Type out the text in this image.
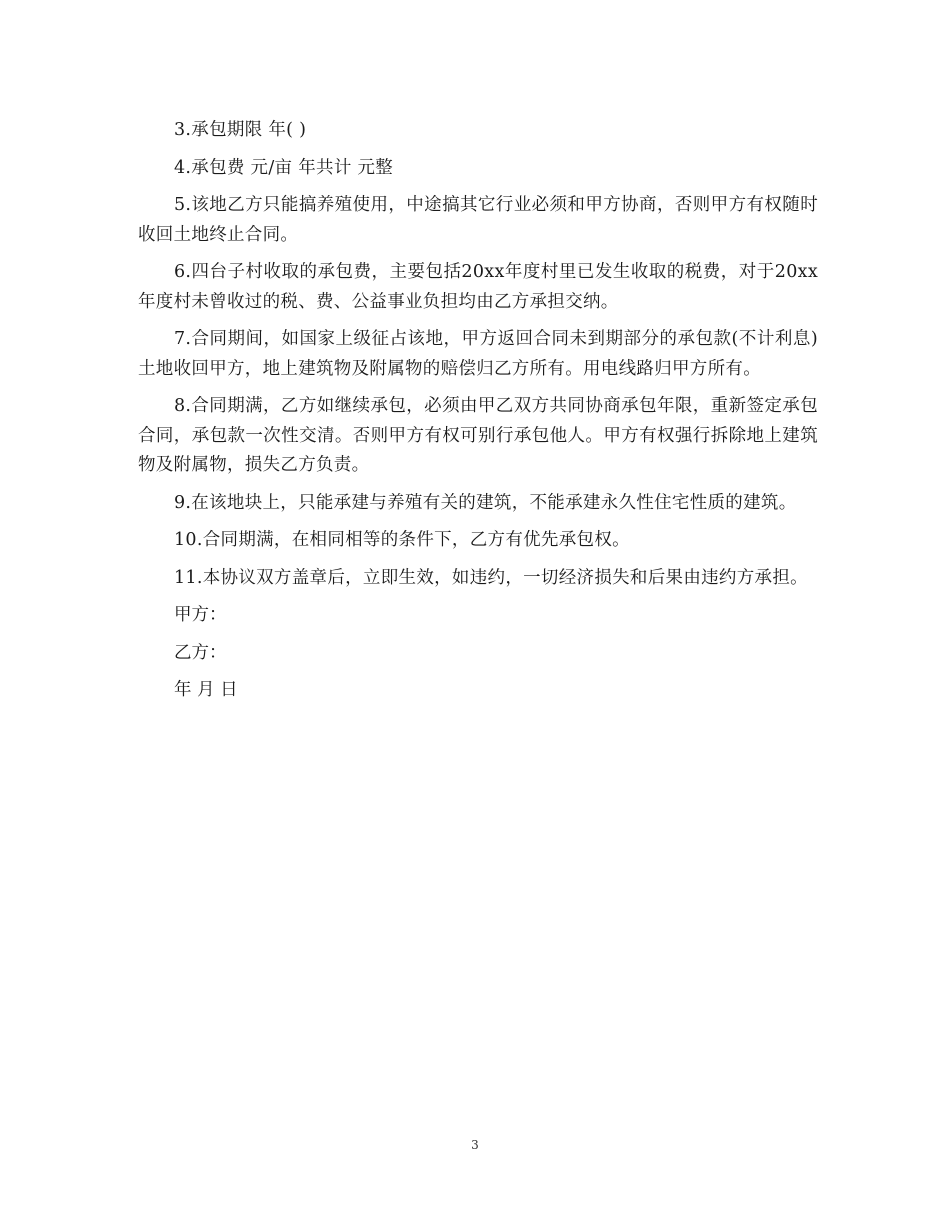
3.承包期限 年( )

4.承包费 元/亩 年共计 元整

5.该地乙方只能搞养殖使用，中途搞其它行业必须和甲方协商，否则甲方有权随时收回土地终止合同。

6.四台子村收取的承包费，主要包括20xx年度村里已发生收取的税费，对于20xx年度村未曾收过的税、费、公益事业负担均由乙方承担交纳。

7.合同期间，如国家上级征占该地，甲方返回合同未到期部分的承包款(不计利息)土地收回甲方，地上建筑物及附属物的赔偿归乙方所有。用电线路归甲方所有。

8.合同期满，乙方如继续承包，必须由甲乙双方共同协商承包年限，重新签定承包合同，承包款一次性交清。否则甲方有权可别行承包他人。甲方有权强行拆除地上建筑物及附属物，损失乙方负责。

9.在该地块上，只能承建与养殖有关的建筑，不能承建永久性住宅性质的建筑。

10.合同期满，在相同相等的条件下，乙方有优先承包权。

11.本协议双方盖章后，立即生效，如违约，一切经济损失和后果由违约方承担。

甲方：

乙方：

年 月 日

3
